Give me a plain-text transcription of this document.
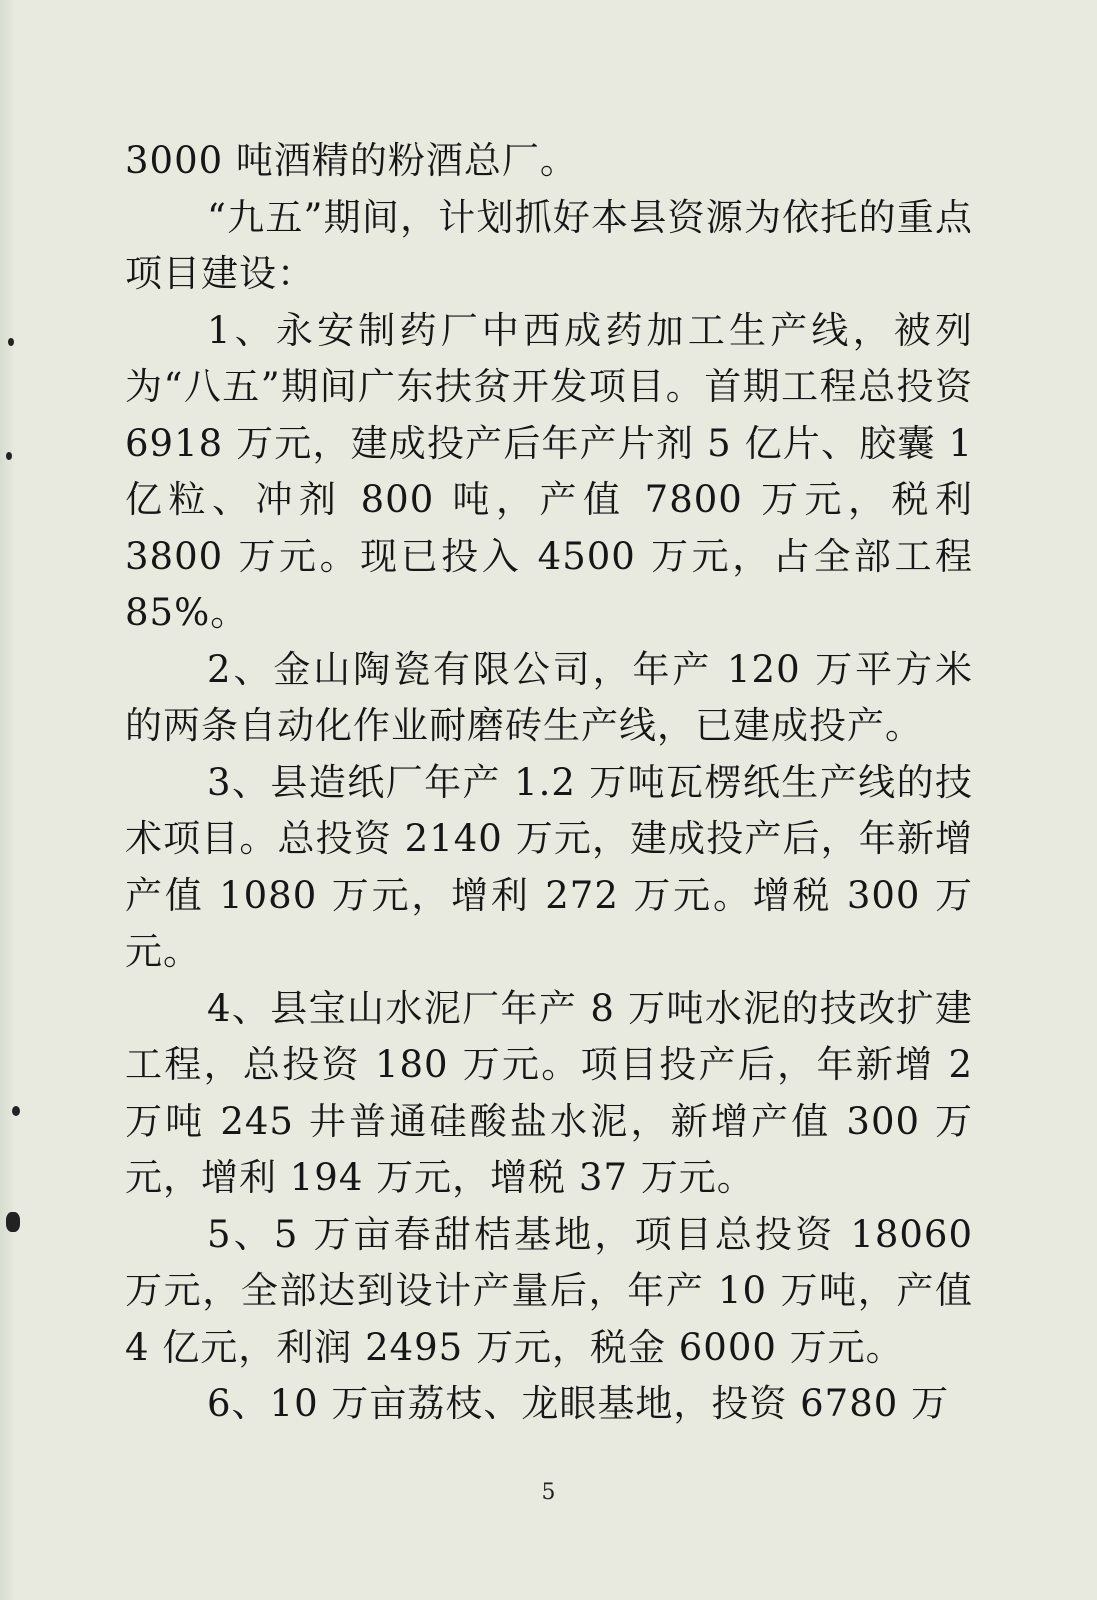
3000 吨酒精的粉酒总厂。

“九五”期间，计划抓好本县资源为依托的重点项目建设：

1、永安制药厂中西成药加工生产线，被列为“八五”期间广东扶贫开发项目。首期工程总投资 6918 万元，建成投产后年产片剂 5 亿片、胶囊 1 亿粒、冲剂 800 吨，产值 7800 万元，税利 3800 万元。现已投入 4500 万元，占全部工程 85%。

2、金山陶瓷有限公司，年产 120 万平方米的两条自动化作业耐磨砖生产线，已建成投产。

3、县造纸厂年产 1.2 万吨瓦楞纸生产线的技术项目。总投资 2140 万元，建成投产后，年新增产值 1080 万元，增利 272 万元。增税 300 万元。

4、县宝山水泥厂年产 8 万吨水泥的技改扩建工程，总投资 180 万元。项目投产后，年新增 2 万吨 245 井普通硅酸盐水泥，新增产值 300 万元，增利 194 万元，增税 37 万元。

5、5 万亩春甜桔基地，项目总投资 18060 万元，全部达到设计产量后，年产 10 万吨，产值 4 亿元，利润 2495 万元，税金 6000 万元。

6、10 万亩荔枝、龙眼基地，投资 6780 万

5
